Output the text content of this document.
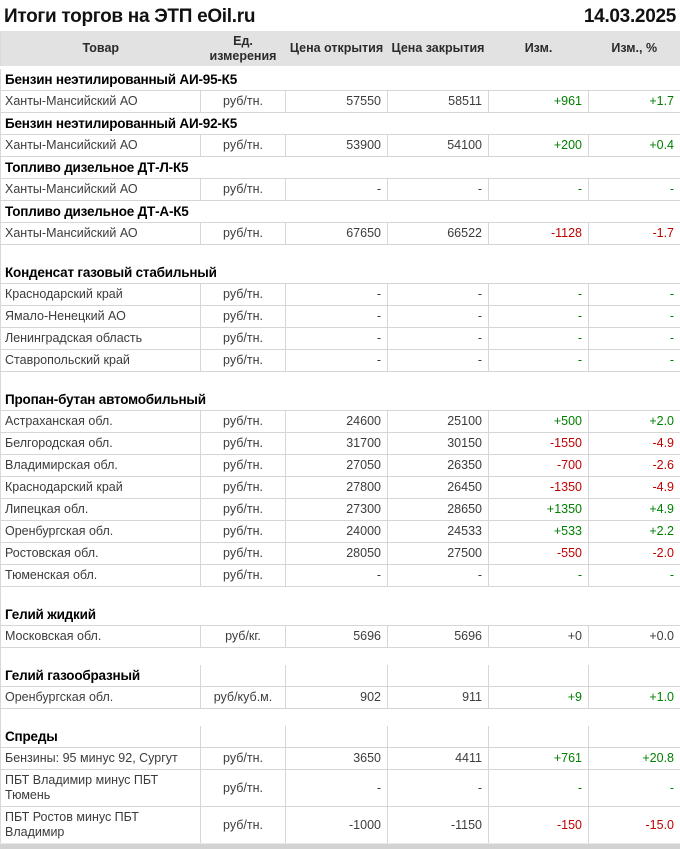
Итоги торгов на ЭТП eOil.ru	14.03.2025
Товар	Ед. измерения	Цена открытия	Цена закрытия	Изм.	Изм., %
Бензин неэтилированный АИ-95-К5					
Ханты-Мансийский АО	руб/тн.	57550	58511	+961	+1.7
Бензин неэтилированный АИ-92-К5					
Ханты-Мансийский АО	руб/тн.	53900	54100	+200	+0.4
Топливо дизельное ДТ-Л-К5					
Ханты-Мансийский АО	руб/тн.	-	-	-	-
Топливо дизельное ДТ-А-К5					
Ханты-Мансийский АО	руб/тн.	67650	66522	-1128	-1.7

Конденсат газовый стабильный					
Краснодарский край	руб/тн.	-	-	-	-
Ямало-Ненецкий АО	руб/тн.	-	-	-	-
Ленинградская область	руб/тн.	-	-	-	-
Ставропольский край	руб/тн.	-	-	-	-

Пропан-бутан автомобильный					
Астраханская обл.	руб/тн.	24600	25100	+500	+2.0
Белгородская обл.	руб/тн.	31700	30150	-1550	-4.9
Владимирская обл.	руб/тн.	27050	26350	-700	-2.6
Краснодарский край	руб/тн.	27800	26450	-1350	-4.9
Липецкая обл.	руб/тн.	27300	28650	+1350	+4.9
Оренбургская обл.	руб/тн.	24000	24533	+533	+2.2
Ростовская обл.	руб/тн.	28050	27500	-550	-2.0
Тюменская обл.	руб/тн.	-	-	-	-

Гелий жидкий					
Московская обл.	руб/кг.	5696	5696	+0	+0.0

Гелий газообразный					
Оренбургская обл.	руб/куб.м.	902	911	+9	+1.0

Спреды					
Бензины: 95 минус 92, Сургут	руб/тн.	3650	4411	+761	+20.8
ПБТ Владимир минус ПБТ Тюмень	руб/тн.	-	-	-	-
ПБТ Ростов минус ПБТ Владимир	руб/тн.	-1000	-1150	-150	-15.0
